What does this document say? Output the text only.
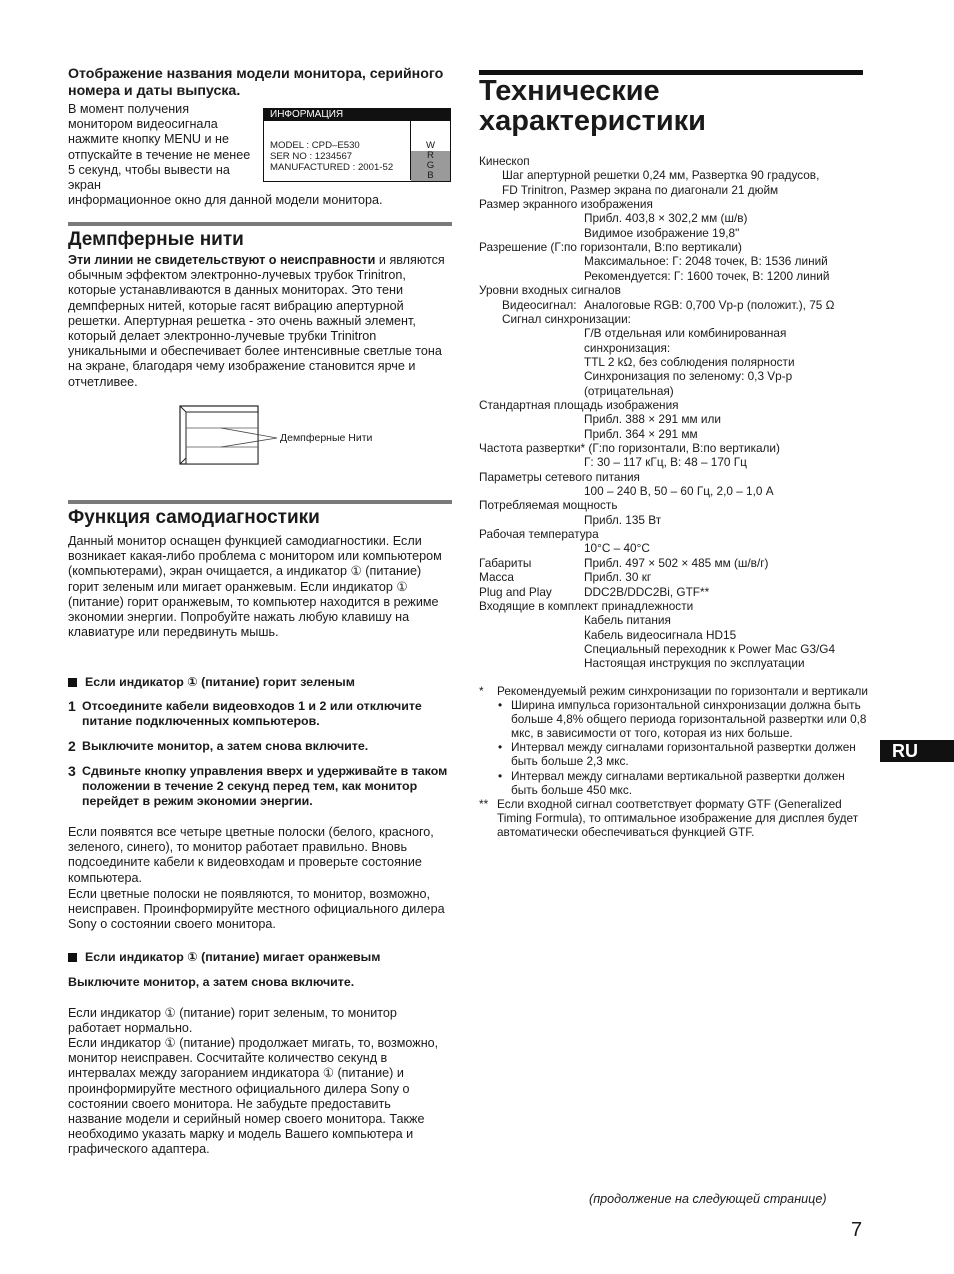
Отображение названия модели монитора, серийного номера и даты выпуска.
В момент получения монитором видеосигнала нажмите кнопку MENU и не отпускайте в течение не менее 5 секунд, чтобы вывести на экран
информационное окно для данной модели монитора.
ИНФОРМАЦИЯ
MODEL : CPD–E530
SER NO : 1234567
MANUFACTURED : 2001-52
W
R
G
B
Демпферные нити
Эти линии не свидетельствуют о неисправности и являются обычным эффектом электронно-лучевых трубок Trinitron, которые устанавливаются в данных мониторах. Это тени демпферных нитей, которые гасят вибрацию апертурной решетки. Апертурная решетка - это очень важный элемент, который делает электронно-лучевые трубки Trinitron уникальными и обеспечивает более интенсивные светлые тона на экране, благодаря чему изображение становится ярче и отчетливее.
Демпферные Нити
Функция самодиагностики
Данный монитор оснащен функцией самодиагностики. Если возникает какая-либо проблема с монитором или компьютером (компьютерами), экран очищается, а индикатор ① (питание) горит зеленым или мигает оранжевым. Если индикатор ① (питание) горит оранжевым, то компьютер находится в режиме экономии энергии. Попробуйте нажать любую клавишу на клавиатуре или передвинуть мышь.
Если индикатор ① (питание) горит зеленым
1 Отсоедините кабели видеовходов 1 и 2 или отключите питание подключенных компьютеров.
2 Выключите монитор, а затем снова включите.
3 Сдвиньте кнопку управления вверх и удерживайте в таком положении в течение 2 секунд перед тем, как монитор перейдет в режим экономии энергии.
Если появятся все четыре цветные полоски (белого, красного, зеленого, синего), то монитор работает правильно. Вновь подсоедините кабели к видеовходам и проверьте состояние компьютера.
Если цветные полоски не появляются, то монитор, возможно, неисправен. Проинформируйте местного официального дилера Sony о состоянии своего монитора.
Если индикатор ① (питание) мигает оранжевым
Выключите монитор, а затем снова включите.
Если индикатор ① (питание) горит зеленым, то монитор работает нормально.
Если индикатор ① (питание) продолжает мигать, то, возможно, монитор неисправен. Сосчитайте количество секунд в интервалах между загоранием индикатора ① (питание) и проинформируйте местного официального дилера Sony о состоянии своего монитора. Не забудьте предоставить название модели и серийный номер своего монитора. Также необходимо указать марку и модель Вашего компьютера и графического адаптера.
Технические
характеристики
Кинескоп
Шаг апертурной решетки 0,24 мм, Развертка 90 градусов,
FD Trinitron, Размер экрана по диагонали 21 дюйм
Размер экранного изображения
Прибл. 403,8 × 302,2 мм (ш/в)
Видимое изображение 19,8"
Разрешение (Г:по горизонтали, В:по вертикали)
Максимальное: Г: 2048 точек, В: 1536 линий
Рекомендуется: Г: 1600 точек, В: 1200 линий
Уровни входных сигналов
Видеосигнал: Аналоговые RGB: 0,700 Vp-p (положит.), 75 Ω
Сигнал синхронизации:
Г/В отдельная или комбинированная
синхронизация:
TTL 2 kΩ, без соблюдения полярности
Синхронизация по зеленому: 0,3 Vp-p
(отрицательная)
Стандартная площадь изображения
Прибл. 388 × 291 мм или
Прибл. 364 × 291 мм
Частота развертки* (Г:по горизонтали, В:по вертикали)
Г: 30 – 117 кГц, В: 48 – 170 Гц
Параметры сетевого питания
100 – 240 В, 50 – 60 Гц, 2,0 – 1,0 A
Потребляемая мощность
Прибл. 135 Вт
Рабочая температура
10°C – 40°C
Габариты	Прибл. 497 × 502 × 485 мм (ш/в/г)
Масса	Прибл. 30 кг
Plug and Play	DDC2B/DDC2Bi, GTF**
Входящие в комплект принадлежности
Кабель питания
Кабель видеосигнала HD15
Специальный переходник к Power Mac G3/G4
Настоящая инструкция по эксплуатации
* Рекомендуемый режим синхронизации по горизонтали и вертикали
• Ширина импульса горизонтальной синхронизации должна быть больше 4,8% общего периода горизонтальной развертки или 0,8 мкс, в зависимости от того, которая из них больше.
• Интервал между сигналами горизонтальной развертки должен быть больше 2,3 мкс.
• Интервал между сигналами вертикальной развертки должен быть больше 450 мкс.
** Если входной сигнал соответствует формату GTF (Generalized Timing Formula), то оптимальное изображение для дисплея будет автоматически обеспечиваться функцией GTF.
RU
(продолжение на следующей странице)
7
